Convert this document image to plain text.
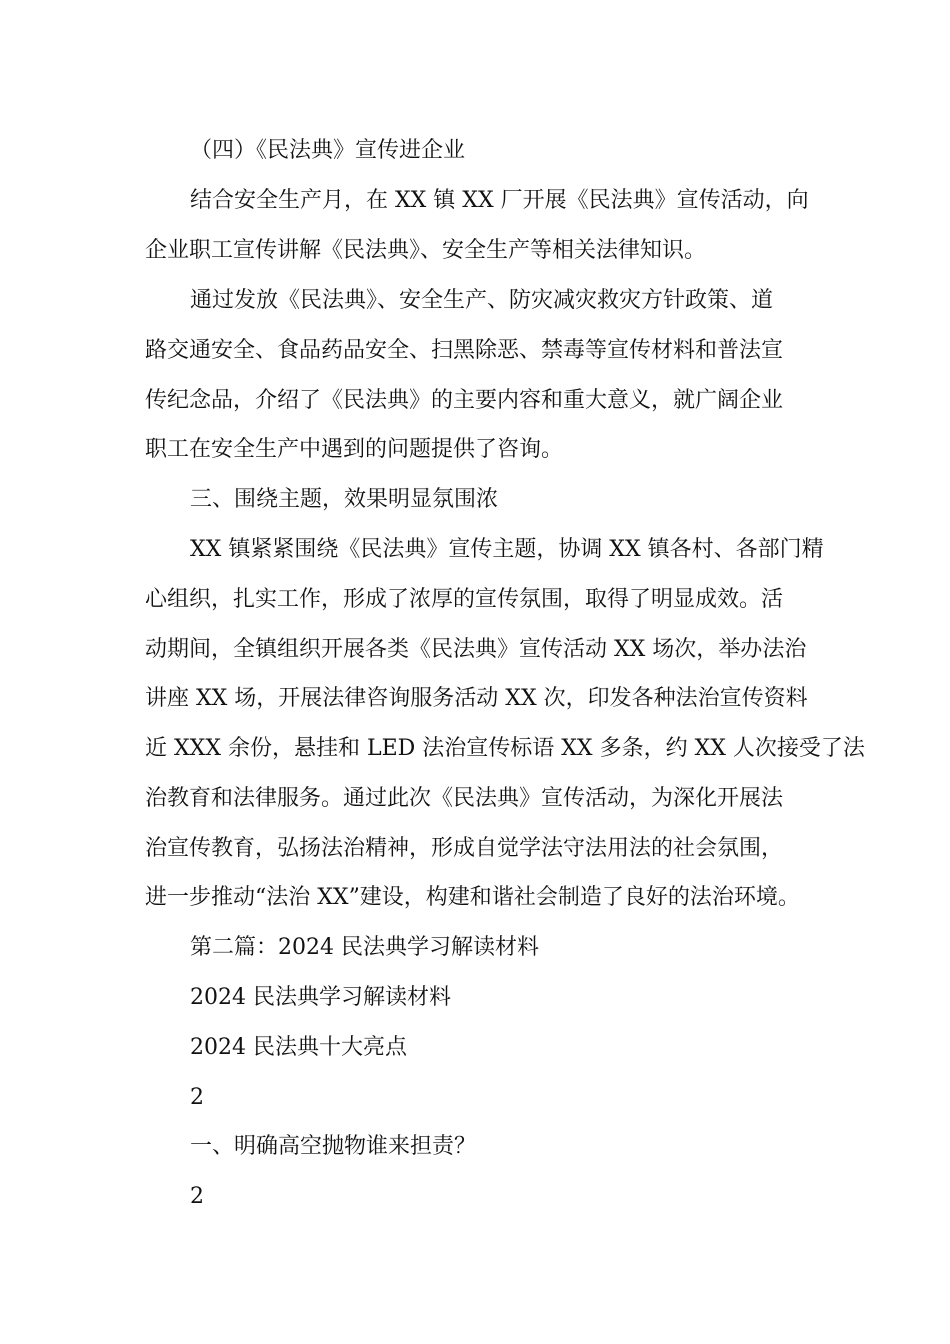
（四）《民法典》宣传进企业
结合安全生产月，在 XX 镇 XX 厂开展《民法典》宣传活动，向
企业职工宣传讲解《民法典》、安全生产等相关法律知识。
通过发放《民法典》、安全生产、防灾减灾救灾方针政策、道
路交通安全、食品药品安全、扫黑除恶、禁毒等宣传材料和普法宣
传纪念品，介绍了《民法典》的主要内容和重大意义，就广阔企业
职工在安全生产中遇到的问题提供了咨询。
三、围绕主题，效果明显氛围浓
XX 镇紧紧围绕《民法典》宣传主题，协调 XX 镇各村、各部门精
心组织，扎实工作，形成了浓厚的宣传氛围，取得了明显成效。活
动期间，全镇组织开展各类《民法典》宣传活动 XX 场次，举办法治
讲座 XX 场，开展法律咨询服务活动 XX 次，印发各种法治宣传资料
近 XXX 余份，悬挂和 LED 法治宣传标语 XX 多条，约 XX 人次接受了法
治教育和法律服务。通过此次《民法典》宣传活动，为深化开展法
治宣传教育，弘扬法治精神，形成自觉学法守法用法的社会氛围，
进一步推动“法治 XX”建设，构建和谐社会制造了良好的法治环境。
第二篇：2024 民法典学习解读材料
2024 民法典学习解读材料
2024 民法典十大亮点
2
一、明确高空抛物谁来担责？
2
